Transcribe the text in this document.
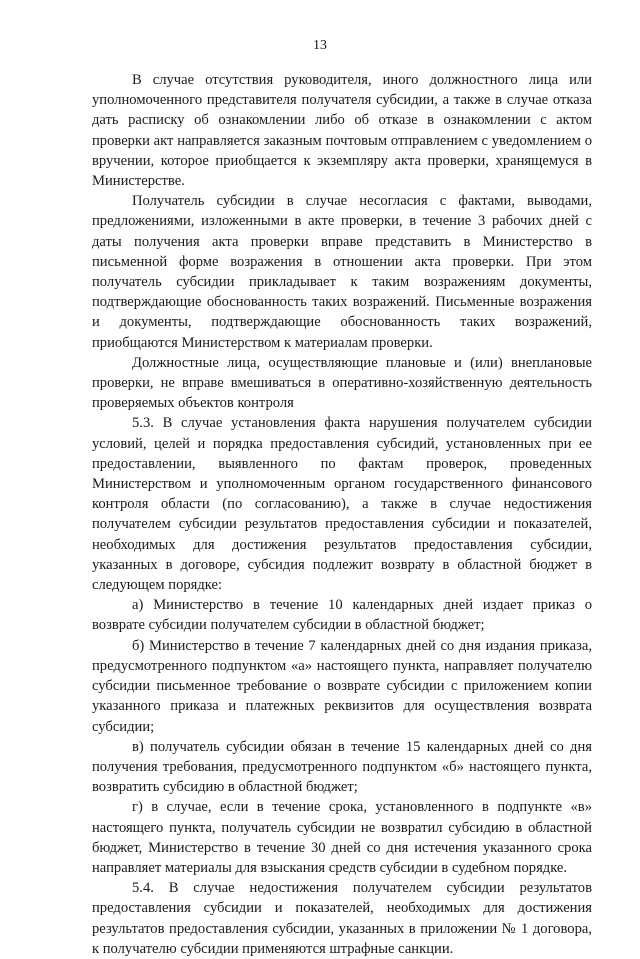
13

В случае отсутствия руководителя, иного должностного лица или уполномоченного представителя получателя субсидии, а также в случае отказа дать расписку об ознакомлении либо об отказе в ознакомлении с актом проверки акт направляется заказным почтовым отправлением с уведомлением о вручении, которое приобщается к экземпляру акта проверки, хранящемуся в Министерстве.

Получатель субсидии в случае несогласия с фактами, выводами, предложениями, изложенными в акте проверки, в течение 3 рабочих дней с даты получения акта проверки вправе представить в Министерство в письменной форме возражения в отношении акта проверки. При этом получатель субсидии прикладывает к таким возражениям документы, подтверждающие обоснованность таких возражений. Письменные возражения и документы, подтверждающие обоснованность таких возражений, приобщаются Министерством к материалам проверки.

Должностные лица, осуществляющие плановые и (или) внеплановые проверки, не вправе вмешиваться в оперативно-хозяйственную деятельность проверяемых объектов контроля

5.3. В случае установления факта нарушения получателем субсидии условий, целей и порядка предоставления субсидий, установленных при ее предоставлении, выявленного по фактам проверок, проведенных Министерством и уполномоченным органом государственного финансового контроля области (по согласованию), а также в случае недостижения получателем субсидии результатов предоставления субсидии и показателей, необходимых для достижения результатов предоставления субсидии, указанных в договоре, субсидия подлежит возврату в областной бюджет в следующем порядке:

а) Министерство в течение 10 календарных дней издает приказ о возврате субсидии получателем субсидии в областной бюджет;

б) Министерство в течение 7 календарных дней со дня издания приказа, предусмотренного подпунктом «а» настоящего пункта, направляет получателю субсидии письменное требование о возврате субсидии с приложением копии указанного приказа и платежных реквизитов для осуществления возврата субсидии;

в) получатель субсидии обязан в течение 15 календарных дней со дня получения требования, предусмотренного подпунктом «б» настоящего пункта, возвратить субсидию в областной бюджет;

г) в случае, если в течение срока, установленного в подпункте «в» настоящего пункта, получатель субсидии не возвратил субсидию в областной бюджет, Министерство в течение 30 дней со дня истечения указанного срока направляет материалы для взыскания средств субсидии в судебном порядке.

5.4. В случае недостижения получателем субсидии результатов предоставления субсидии и показателей, необходимых для достижения результатов предоставления субсидии, указанных в приложении № 1 договора, к получателю субсидии применяются штрафные санкции.
